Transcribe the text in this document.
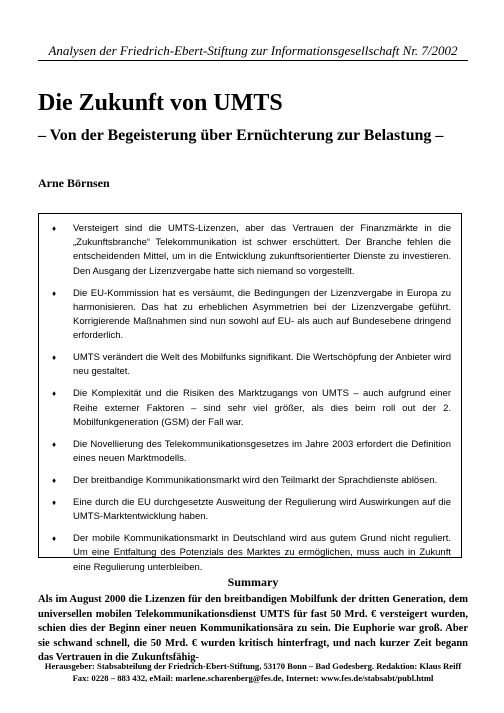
Analysen der Friedrich-Ebert-Stiftung zur Informationsgesellschaft Nr. 7/2002
Die Zukunft von UMTS
– Von der Begeisterung über Ernüchterung zur Belastung –
Arne Börnsen
♦ Versteigert sind die UMTS-Lizenzen, aber das Vertrauen der Finanzmärkte in die „Zukunftsbranche“ Telekommunikation ist schwer erschüttert. Der Branche fehlen die entscheidenden Mittel, um in die Entwicklung zukunftsorientierter Dienste zu investieren. Den Ausgang der Lizenzvergabe hatte sich niemand so vorgestellt.
♦ Die EU-Kommission hat es versäumt, die Bedingungen der Lizenzvergabe in Europa zu harmonisieren. Das hat zu erheblichen Asymmetrien bei der Lizenzvergabe geführt. Korrigierende Maßnahmen sind nun sowohl auf EU- als auch auf Bundesebene dringend erforderlich.
♦ UMTS verändert die Welt des Mobilfunks signifikant. Die Wertschöpfung der Anbieter wird neu gestaltet.
♦ Die Komplexität und die Risiken des Marktzugangs von UMTS – auch aufgrund einer Reihe externer Faktoren – sind sehr viel größer, als dies beim roll out der 2. Mobilfunkgeneration (GSM) der Fall war.
♦ Die Novellierung des Telekommunikationsgesetzes im Jahre 2003 erfordert die Definition eines neuen Marktmodells.
♦ Der breitbandige Kommunikationsmarkt wird den Teilmarkt der Sprachdienste ablösen.
♦ Eine durch die EU durchgesetzte Ausweitung der Regulierung wird Auswirkungen auf die UMTS-Marktentwicklung haben.
♦ Der mobile Kommunikationsmarkt in Deutschland wird aus gutem Grund nicht reguliert. Um eine Entfaltung des Potenzials des Marktes zu ermöglichen, muss auch in Zukunft eine Regulierung unterbleiben.
Summary
Als im August 2000 die Lizenzen für den breitbandigen Mobilfunk der dritten Generation, dem universellen mobilen Telekommunikationsdienst UMTS für fast 50 Mrd. € versteigert wurden, schien dies der Beginn einer neuen Kommunikationsära zu sein. Die Euphorie war groß. Aber sie schwand schnell, die 50 Mrd. € wurden kritisch hinterfragt, und nach kurzer Zeit begann das Vertrauen in die Zukunftsfähig-
Herausgeber: Stabsabteilung der Friedrich-Ebert-Stiftung, 53170 Bonn – Bad Godesberg. Redaktion: Klaus Reiff
Fax: 0228 – 883 432, eMail: marlene.scharenberg@fes.de, Internet: www.fes.de/stabsabt/publ.html
